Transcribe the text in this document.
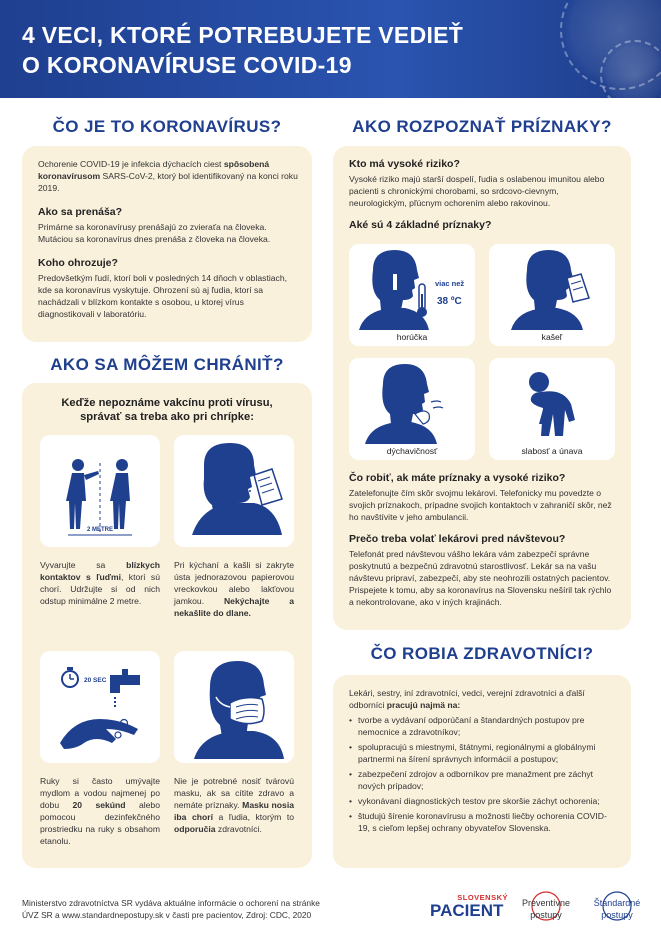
4 VECI, KTORÉ POTREBUJETE VEDIEŤ
O KORONAVÍRUSE COVID-19
ČO JE TO KORONAVÍRUS?
Ochorenie COVID-19 je infekcia dýchacích ciest spôsobená koronavírusom SARS-CoV-2, ktorý bol identifikovaný na konci roku 2019.
Ako sa prenáša?
Primárne sa koronavírusy prenášajú zo zvieraťa na človeka. Mutáciou sa koronavírus dnes prenáša z človeka na človeka.
Koho ohrozuje?
Predovšetkým ľudí, ktorí boli v posledných 14 dňoch v oblastiach, kde sa koronavírus vyskytuje. Ohrození sú aj ľudia, ktorí sa nachádzali v blízkom kontakte s osobou, u ktorej vírus diagnostikovali v laboratóriu.
AKO SA MÔŽEM CHRÁNIŤ?
Keďže nepoznáme vakcínu proti vírusu, správať sa treba ako pri chrípke:
2 METRE
Vyvarujte sa blízkych kontaktov s ľuďmi, ktorí sú chorí. Udržujte si od nich odstup minimálne 2 metre.
Pri kýchaní a kašli si zakryte ústa jednorazovou papierovou vreckovkou alebo lakťovou jamkou. Nekýchajte a nekašlite do dlane.
20 SEC
Ruky si často umývajte mydlom a vodou najmenej po dobu 20 sekúnd alebo pomocou dezinfekčného prostriedku na ruky s obsahom etanolu.
Nie je potrebné nosiť tvárovú masku, ak sa cítite zdravo a nemáte príznaky. Masku nosia iba chorí a ľudia, ktorým to odporučia zdravotníci.
AKO ROZPOZNAŤ PRÍZNAKY?
Kto má vysoké riziko?
Vysoké riziko majú starší dospelí, ľudia s oslabenou imunitou alebo pacienti s chronickými chorobami, so srdcovo-cievnym, neurologickým, pľúcnym ochorením alebo rakovinou.
Aké sú 4 základné príznaky?
viac než
38 ºC
horúčka	kašeľ
dýchavičnosť	slabosť a únava
Čo robiť, ak máte príznaky a vysoké riziko?
Zatelefonujte čím skôr svojmu lekárovi. Telefonicky mu povedzte o svojich príznakoch, prípadne svojich kontaktoch v zahraničí skôr, než ho navštívite v jeho ambulancii.
Prečo treba volať lekárovi pred návštevou?
Telefonát pred návštevou vášho lekára vám zabezpečí správne poskytnutú a bezpečnú zdravotnú starostlivosť. Lekár sa na vašu návštevu pripraví, zabezpečí, aby ste neohrozili ostatných pacientov. Prispejete k tomu, aby sa koronavírus na Slovensku nešíril tak rýchlo a nekontrolovane, ako v iných krajinách.
ČO ROBIA ZDRAVOTNÍCI?
Lekári, sestry, iní zdravotníci, vedci, verejní zdravotníci a ďalší odborníci pracujú najmä na:
• tvorbe a vydávaní odporúčaní a štandardných postupov pre nemocnice a zdravotníkov;
• spolupracujú s miestnymi, štátnymi, regionálnymi a globálnymi partnermi na šírení správnych informácií a postupov;
• zabezpečení zdrojov a odborníkov pre manažment pre záchyt nových prípadov;
• vykonávaní diagnostických testov pre skoršie záchyt ochorenia;
• študujú šírenie koronavírusu a možnosti liečby ochorenia COVID-19, s cieľom lepšej ochrany obyvateľov Slovenska.
Ministerstvo zdravotníctva SR vydáva aktuálne informácie o ochorení na stránke
ÚVZ SR a www.standardnepostupy.sk v časti pre pacientov, Zdroj: CDC, 2020
SLOVENSKÝ
PACIENT	Preventívne
postupy
Štandardné
postupy
